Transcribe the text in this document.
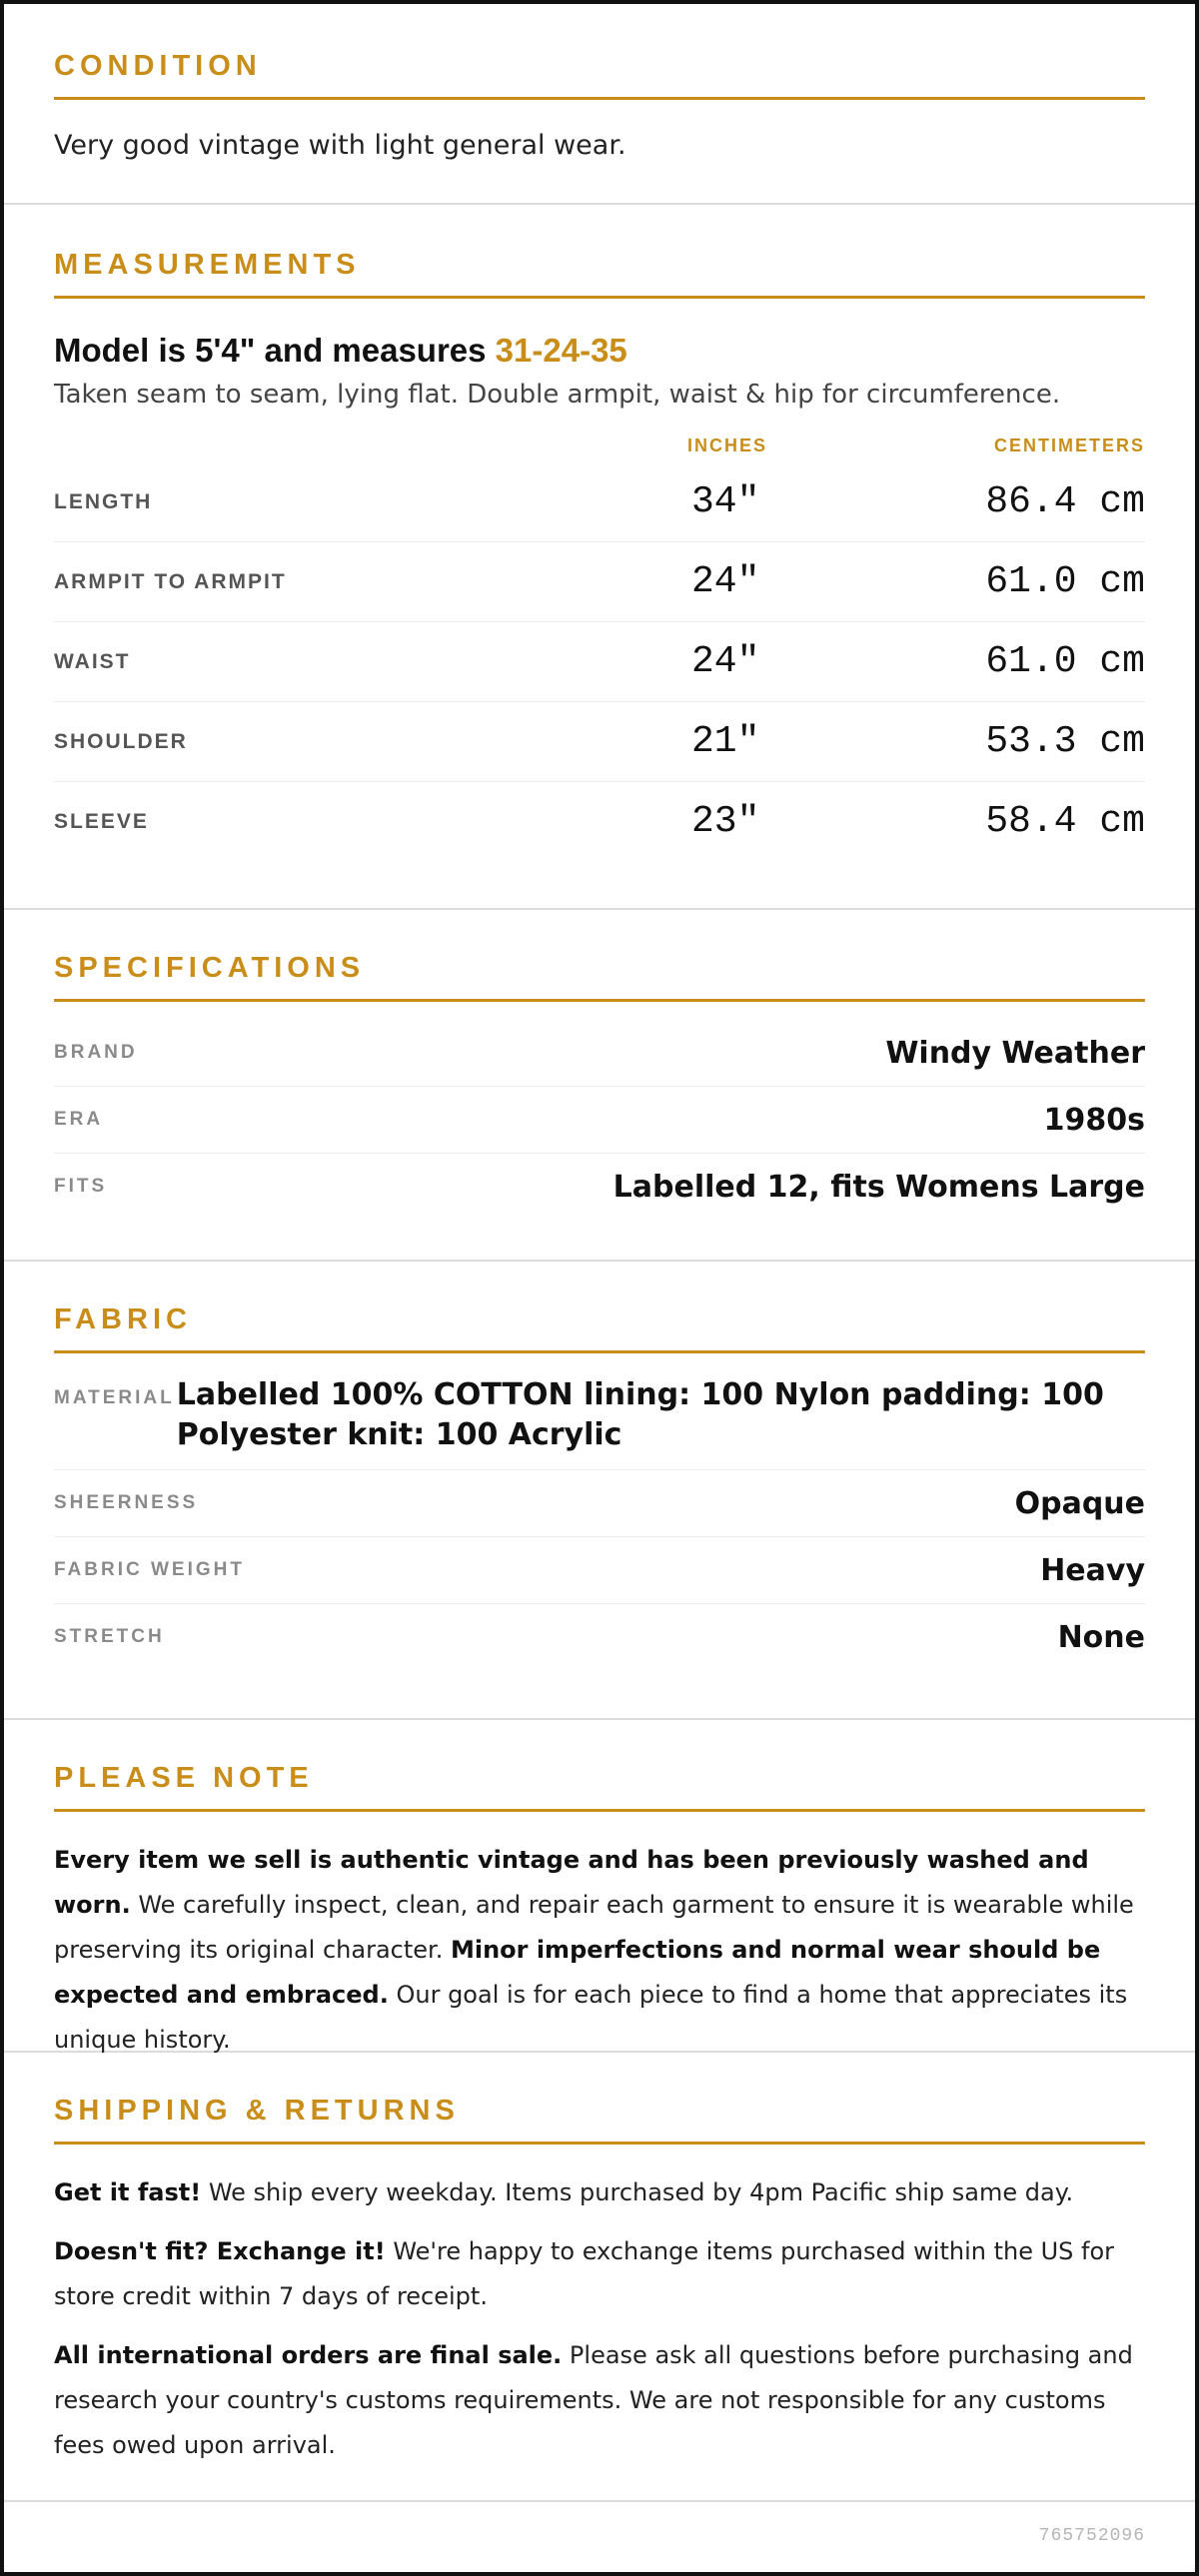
CONDITION
Very good vintage with light general wear.
MEASUREMENTS
Model is 5'4" and measures 31-24-35
Taken seam to seam, lying flat. Double armpit, waist & hip for circumference.
INCHES	CENTIMETERS
LENGTH	34"	86.4 cm
ARMPIT TO ARMPIT	24"	61.0 cm
WAIST	24"	61.0 cm
SHOULDER	21"	53.3 cm
SLEEVE	23"	58.4 cm
SPECIFICATIONS
BRAND	Windy Weather
ERA	1980s
FITS	Labelled 12, fits Womens Large
FABRIC
MATERIAL Labelled 100% COTTON lining: 100 Nylon padding: 100 Polyester knit: 100 Acrylic
SHEERNESS	Opaque
FABRIC WEIGHT	Heavy
STRETCH	None
PLEASE NOTE

Every item we sell is authentic vintage and has been previously washed and worn. We carefully inspect, clean, and repair each garment to ensure it is wearable while preserving its original character. Minor imperfections and normal wear should be expected and embraced. Our goal is for each piece to find a home that appreciates its unique history.

SHIPPING & RETURNS

Get it fast! We ship every weekday. Items purchased by 4pm Pacific ship same day.

Doesn't fit? Exchange it! We're happy to exchange items purchased within the US for store credit within 7 days of receipt.

All international orders are final sale. Please ask all questions before purchasing and research your country's customs requirements. We are not responsible for any customs fees owed upon arrival.

765752096
